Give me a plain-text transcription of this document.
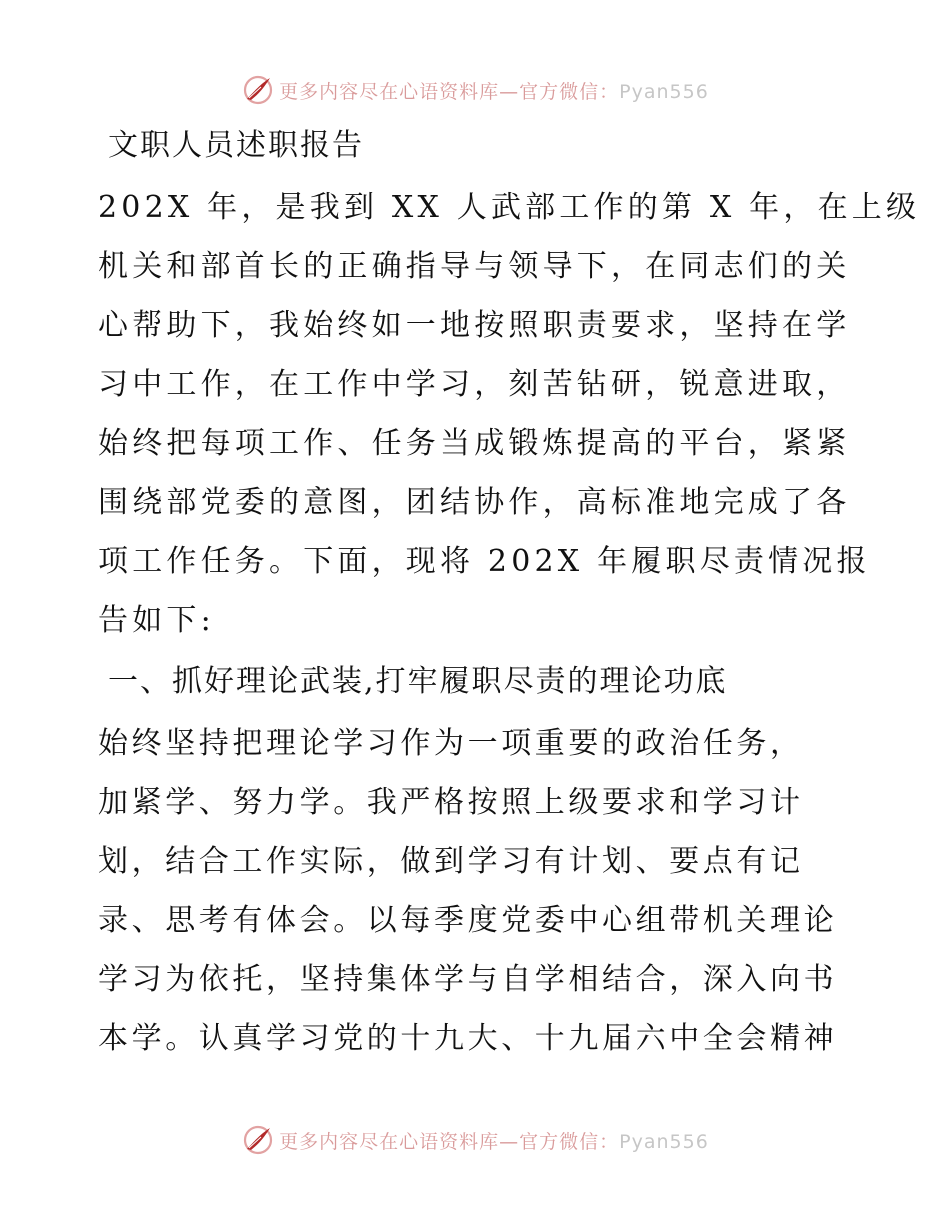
更多内容尽在心语资料库—官方微信：Pyan556
文职人员述职报告
202X 年，是我到 XX 人武部工作的第 X 年，在上级
机关和部首长的正确指导与领导下，在同志们的关
心帮助下，我始终如一地按照职责要求，坚持在学
习中工作，在工作中学习，刻苦钻研，锐意进取，
始终把每项工作、任务当成锻炼提高的平台，紧紧
围绕部党委的意图，团结协作，高标准地完成了各
项工作任务。下面，现将 202X 年履职尽责情况报
告如下:
一、抓好理论武装,打牢履职尽责的理论功底
始终坚持把理论学习作为一项重要的政治任务，
加紧学、努力学。我严格按照上级要求和学习计
划，结合工作实际，做到学习有计划、要点有记
录、思考有体会。以每季度党委中心组带机关理论
学习为依托，坚持集体学与自学相结合，深入向书
本学。认真学习党的十九大、十九届六中全会精神
更多内容尽在心语资料库—官方微信：Pyan556
